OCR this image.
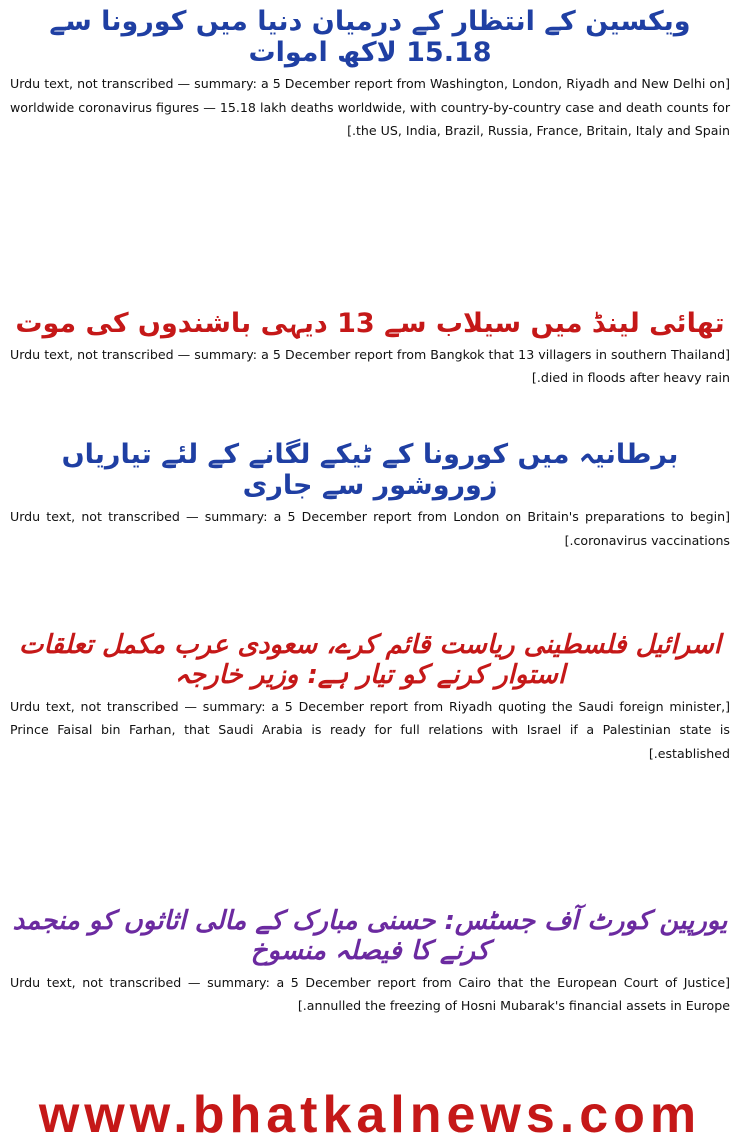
ویکسین کے انتظار کے درمیان دنیا میں کورونا سے 15.18 لاکھ اموات

[Urdu text, not transcribed — summary: a 5 December report from Washington, London, Riyadh and New Delhi on worldwide coronavirus figures — 15.18 lakh deaths worldwide, with country-by-country case and death counts for the US, India, Brazil, Russia, France, Britain, Italy and Spain.]

تھائی لینڈ میں سیلاب سے 13 دیہی باشندوں کی موت

[Urdu text, not transcribed — summary: a 5 December report from Bangkok that 13 villagers in southern Thailand died in floods after heavy rain.]

برطانیہ میں کورونا کے ٹیکے لگانے کے لئے تیاریاں زوروشور سے جاری

[Urdu text, not transcribed — summary: a 5 December report from London on Britain's preparations to begin coronavirus vaccinations.]

اسرائیل فلسطینی ریاست قائم کرے، سعودی عرب مکمل تعلقات استوار کرنے کو تیار ہے: وزیر خارجہ

[Urdu text, not transcribed — summary: a 5 December report from Riyadh quoting the Saudi foreign minister, Prince Faisal bin Farhan, that Saudi Arabia is ready for full relations with Israel if a Palestinian state is established.]

یورپین کورٹ آف جسٹس: حسنی مبارک کے مالی اثاثوں کو منجمد کرنے کا فیصلہ منسوخ

[Urdu text, not transcribed — summary: a 5 December report from Cairo that the European Court of Justice annulled the freezing of Hosni Mubarak's financial assets in Europe.]

www.bhatkalnews.com
